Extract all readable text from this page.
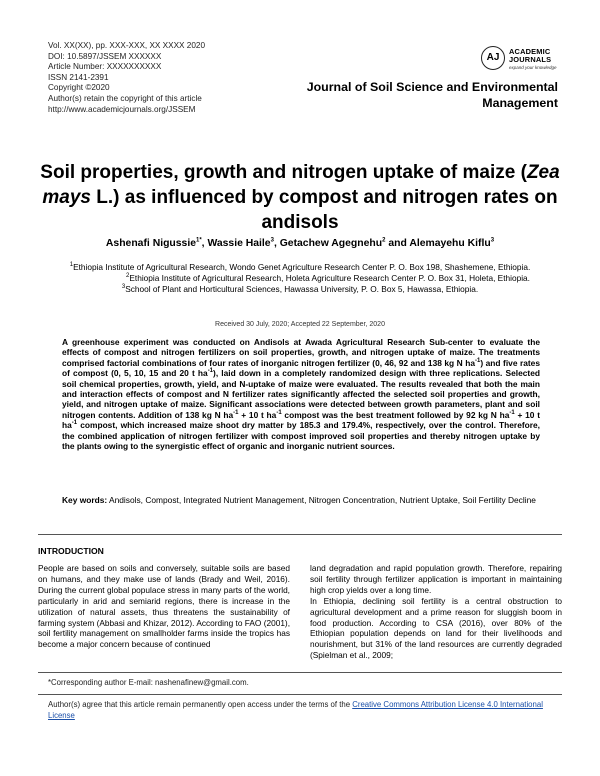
Vol. XX(XX), pp. XXX-XXX, XX XXXX 2020
DOI: 10.5897/JSSEM XXXXXX
Article Number: XXXXXXXXXX
ISSN 2141-2391
Copyright ©2020
Author(s) retain the copyright of this article
http://www.academicjournals.org/JSSEM
AJ
ACADEMIC
JOURNALS
expand your knowledge
Journal of Soil Science and Environmental
Management
Soil properties, growth and nitrogen uptake of maize (Zea mays L.) as influenced by compost and nitrogen rates on andisols
Ashenafi Nigussie$^{1*}$, Wassie Haile$^3$, Getachew Agegnehu$^2$ and Alemayehu Kiflu$^3$
$^1$Ethiopia Institute of Agricultural Research, Wondo Genet Agriculture Research Center P. O. Box 198, Shashemene, Ethiopia.
$^2$Ethiopia Institute of Agricultural Research, Holeta Agriculture Research Center P. O. Box 31, Holeta, Ethiopia.
$^3$School of Plant and Horticultural Sciences, Hawassa University, P. O. Box 5, Hawassa, Ethiopia.
Received 30 July, 2020; Accepted 22 September, 2020
A greenhouse experiment was conducted on Andisols at Awada Agricultural Research Sub-center to evaluate the effects of compost and nitrogen fertilizers on soil properties, growth, and nitrogen uptake of maize. The treatments comprised factorial combinations of four rates of inorganic nitrogen fertilizer (0, 46, 92 and 138 kg N $ha^{-1}$) and five rates of compost (0, 5, 10, 15 and 20 t $ha^{-1}$), laid down in a completely randomized design with three replications. Selected soil chemical properties, growth, yield, and N-uptake of maize were evaluated. The results revealed that both the main and interaction effects of compost and N fertilizer rates significantly affected the selected soil properties and growth, yield, and nitrogen uptake of maize. Significant associations were detected between growth parameters, plant and soil nitrogen contents. Addition of 138 kg N $ha^{-1} + 10$ t $ha^{-1}$ compost was the best treatment followed by 92 kg N $ha^{-1} + 10$ t $ha^{-1}$ compost, which increased maize shoot dry matter by 185.3 and 179.4%, respectively, over the control. Therefore, the combined application of nitrogen fertilizer with compost improved soil properties and thereby nitrogen uptake by the plants owing to the synergistic effect of organic and inorganic nutrient sources.
Key words: Andisols, Compost, Integrated Nutrient Management, Nitrogen Concentration, Nutrient Uptake, Soil Fertility Decline
INTRODUCTION
People are based on soils and conversely, suitable soils are based on humans, and they make use of lands (Brady and Weil, 2016). During the current global populace stress in many parts of the world, particularly in arid and semiarid regions, there is increase in the utilization of natural assets, thus threatens the sustainability of farming system (Abbasi and Khizar, 2012). According to FAO (2001), soil fertility management on smallholder farms inside the tropics has become a major concern because of continued
land degradation and rapid population growth. Therefore, repairing soil fertility through fertilizer application is important in maintaining high crop yields over a long time.
In Ethiopia, declining soil fertility is a central obstruction to agricultural development and a prime reason for sluggish boom in food production. According to CSA (2016), over 80% of the Ethiopian population depends on land for their livelihoods and nourishment, but 31% of the land resources are currently degraded (Spielman et al., 2009;
*Corresponding author E-mail: nashenafinew@gmail.com.
Author(s) agree that this article remain permanently open access under the terms of the Creative Commons Attribution License 4.0 International License
